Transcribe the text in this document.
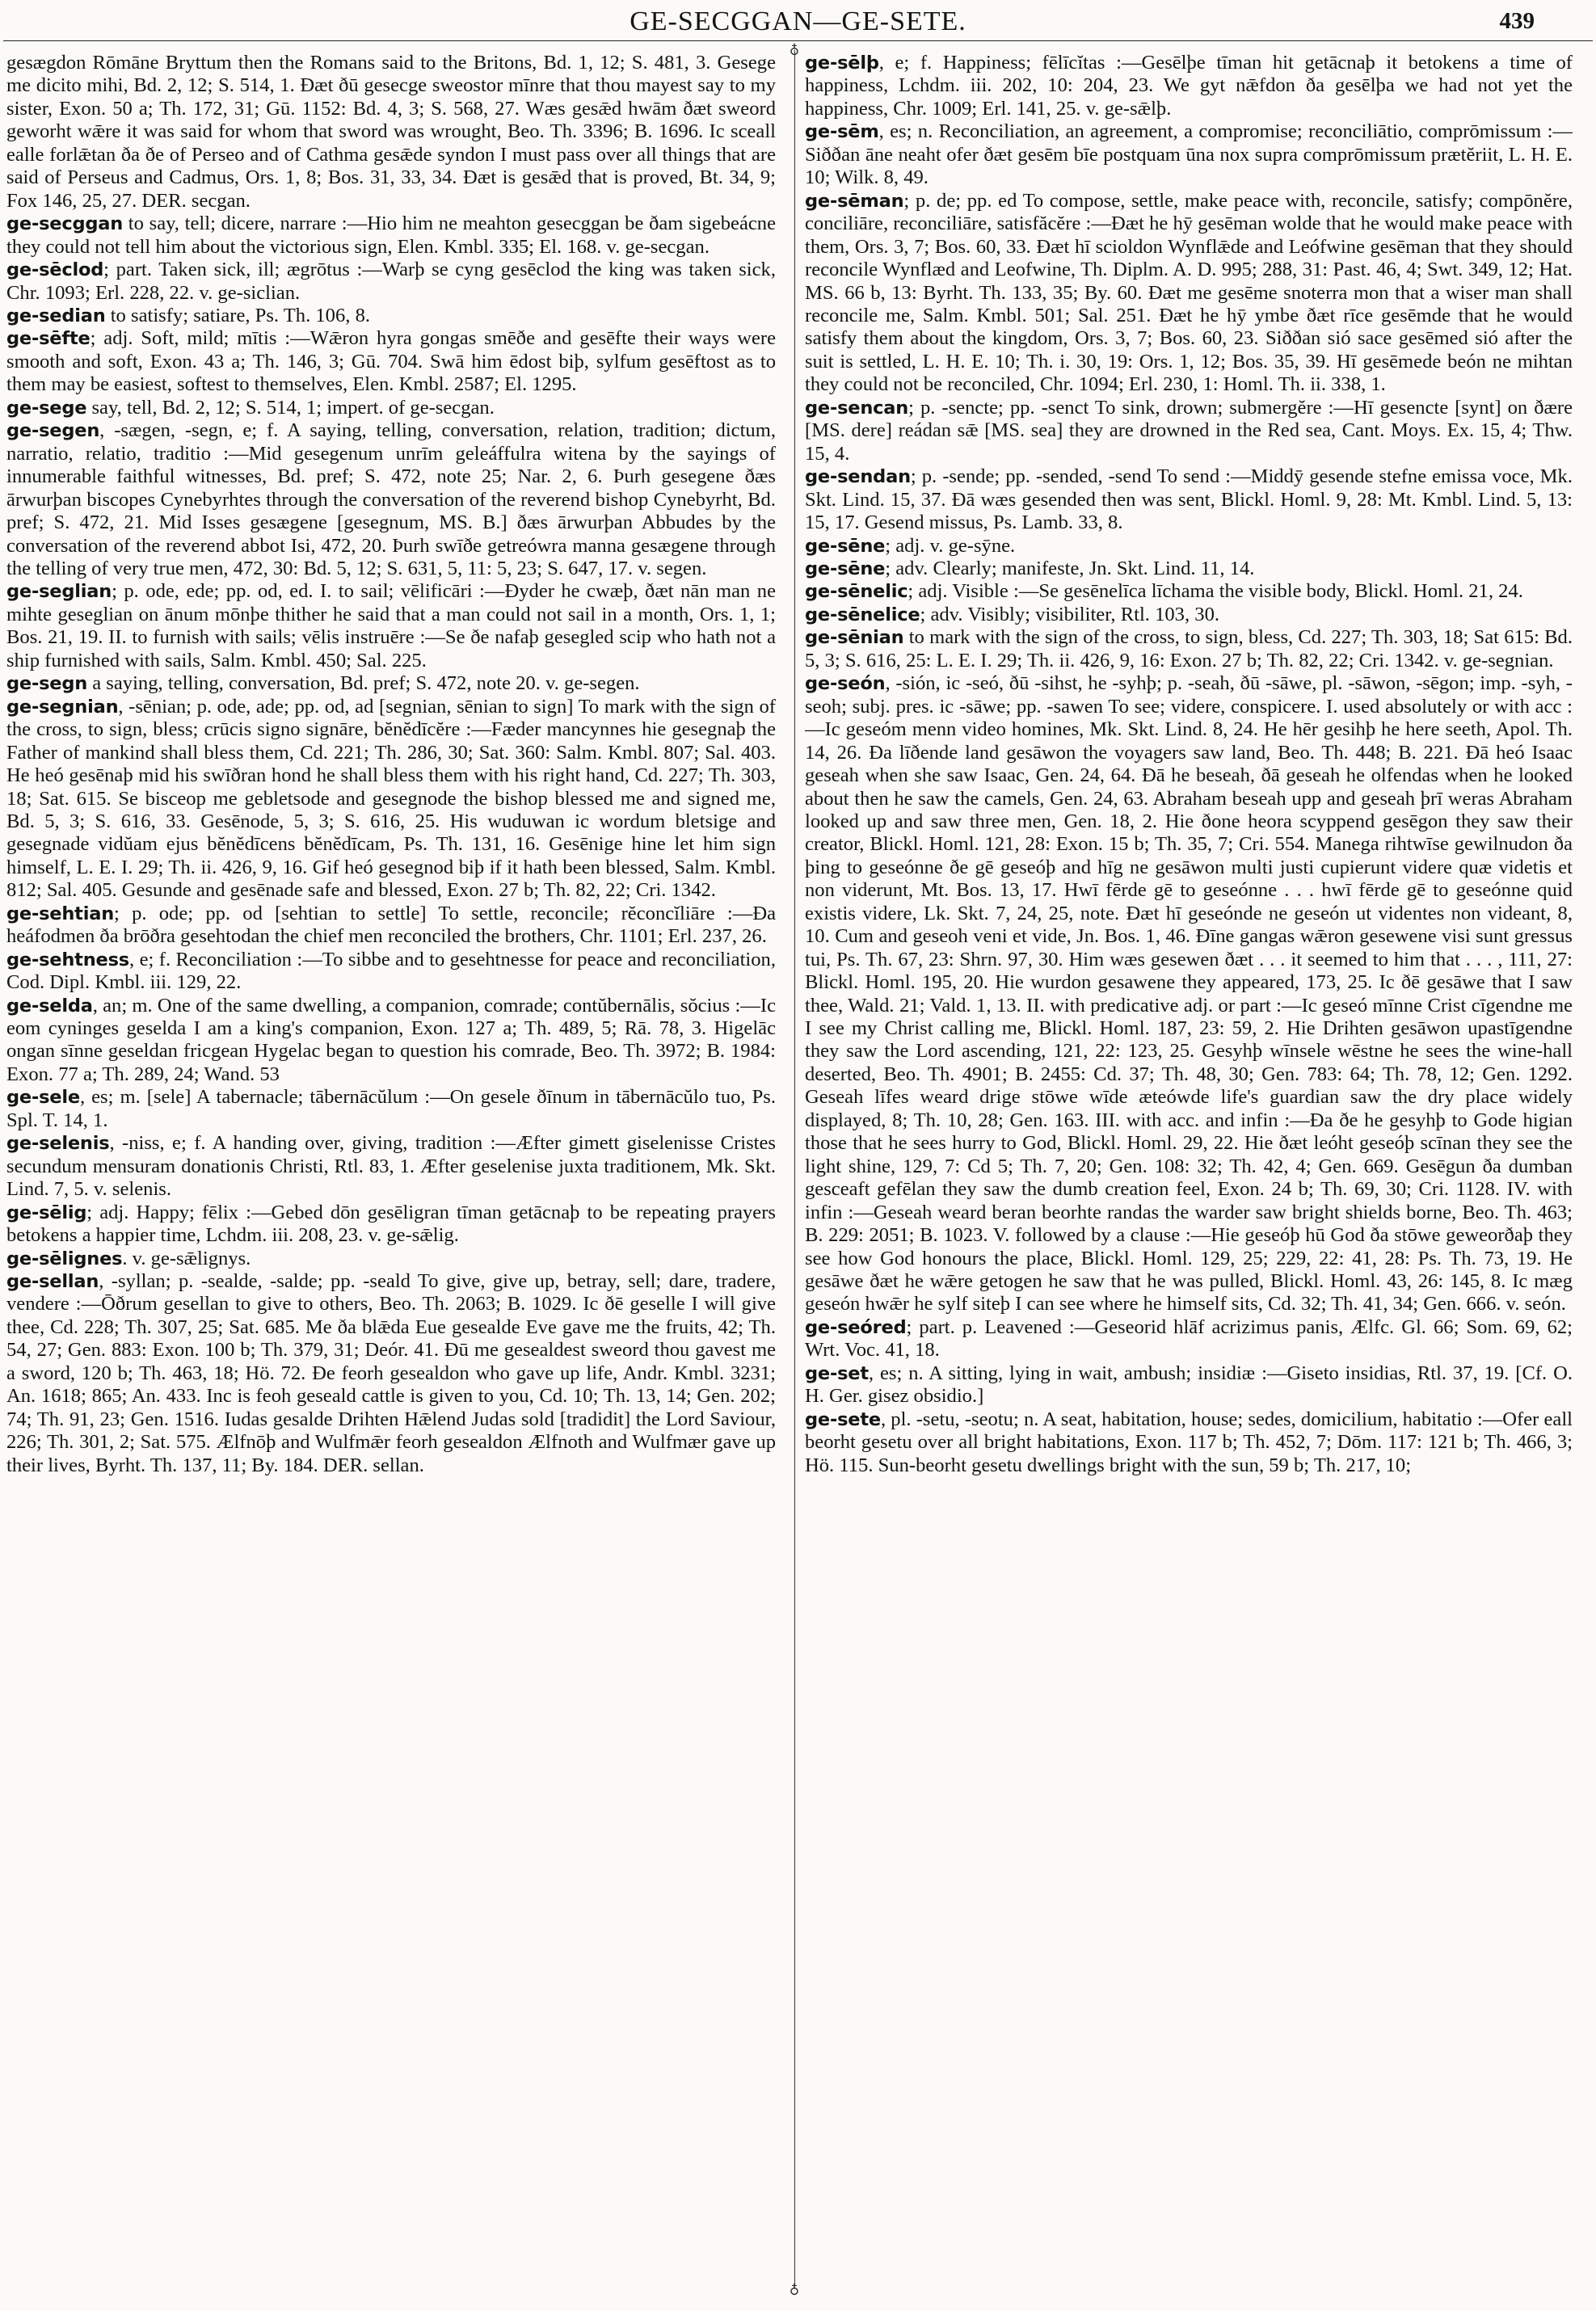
GE-SECGGAN—GE-SETE.	439
♁
♁

gesægdon Rōmāne Bryttum then the Romans said to the Britons, Bd. 1, 12; S. 481, 3. Gesege me dicito mihi, Bd. 2, 12; S. 514, 1. Ðæt ðū gesecge sweostor mīnre that thou mayest say to my sister, Exon. 50 a; Th. 172, 31; Gū. 1152: Bd. 4, 3; S. 568, 27. Wæs gesǣd hwām ðæt sweord geworht wǣre it was said for whom that sword was wrought, Beo. Th. 3396; B. 1696. Ic sceall ealle forlǣtan ða ðe of Perseo and of Cathma gesǣde syndon I must pass over all things that are said of Perseus and Cadmus, Ors. 1, 8; Bos. 31, 33, 34. Ðæt is gesǣd that is proved, Bt. 34, 9; Fox 146, 25, 27. DER. secgan.

ge-secggan to say, tell; dicere, narrare :—Hio him ne meahton gesecggan be ðam sigebeácne they could not tell him about the victorious sign, Elen. Kmbl. 335; El. 168. v. ge-secgan.

ge-sēclod; part. Taken sick, ill; ægrōtus :—Warþ se cyng gesēclod the king was taken sick, Chr. 1093; Erl. 228, 22. v. ge-siclian.

ge-sedian to satisfy; satiare, Ps. Th. 106, 8.

ge-sēfte; adj. Soft, mild; mītis :—Wǣron hyra gongas smēðe and gesēfte their ways were smooth and soft, Exon. 43 a; Th. 146, 3; Gū. 704. Swā him ēdost biþ, sylfum gesēftost as to them may be easiest, softest to themselves, Elen. Kmbl. 2587; El. 1295.

ge-sege say, tell, Bd. 2, 12; S. 514, 1; impert. of ge-secgan.

ge-segen, -sægen, -segn, e; f. A saying, telling, conversation, relation, tradition; dictum, narratio, relatio, traditio :—Mid gesegenum unrīm geleáffulra witena by the sayings of innumerable faithful witnesses, Bd. pref; S. 472, note 25; Nar. 2, 6. Þurh gesegene ðæs ārwurþan biscopes Cynebyrhtes through the conversation of the reverend bishop Cynebyrht, Bd. pref; S. 472, 21. Mid Isses gesægene [gesegnum, MS. B.] ðæs ārwurþan Abbudes by the conversation of the reverend abbot Isi, 472, 20. Þurh swīðe getreówra manna gesægene through the telling of very true men, 472, 30: Bd. 5, 12; S. 631, 5, 11: 5, 23; S. 647, 17. v. segen.

ge-seglian; p. ode, ede; pp. od, ed. I. to sail; vēlificāri :—Ðyder he cwæþ, ðæt nān man ne mihte geseglian on ānum mōnþe thither he said that a man could not sail in a month, Ors. 1, 1; Bos. 21, 19. II. to furnish with sails; vēlis instruēre :—Se ðe nafaþ gesegled scip who hath not a ship furnished with sails, Salm. Kmbl. 450; Sal. 225.

ge-segn a saying, telling, conversation, Bd. pref; S. 472, note 20. v. ge-segen.

ge-segnian, -sēnian; p. ode, ade; pp. od, ad [segnian, sēnian to sign] To mark with the sign of the cross, to sign, bless; crūcis signo signāre, bĕnĕdīcĕre :—Fæder mancynnes hie gesegnaþ the Father of mankind shall bless them, Cd. 221; Th. 286, 30; Sat. 360: Salm. Kmbl. 807; Sal. 403. He heó gesēnaþ mid his swīðran hond he shall bless them with his right hand, Cd. 227; Th. 303, 18; Sat. 615. Se bisceop me gebletsode and gesegnode the bishop blessed me and signed me, Bd. 5, 3; S. 616, 33. Gesēnode, 5, 3; S. 616, 25. His wuduwan ic wordum bletsige and gesegnade vidŭam ejus bĕnĕdīcens bĕnĕdīcam, Ps. Th. 131, 16. Gesēnige hine let him sign himself, L. E. I. 29; Th. ii. 426, 9, 16. Gif heó gesegnod biþ if it hath been blessed, Salm. Kmbl. 812; Sal. 405. Gesunde and gesēnade safe and blessed, Exon. 27 b; Th. 82, 22; Cri. 1342.

ge-sehtian; p. ode; pp. od [sehtian to settle] To settle, reconcile; rĕconcĭliāre :—Ða heáfodmen ða brōðra gesehtodan the chief men reconciled the brothers, Chr. 1101; Erl. 237, 26.

ge-sehtness, e; f. Reconciliation :—To sibbe and to gesehtnesse for peace and reconciliation, Cod. Dipl. Kmbl. iii. 129, 22.

ge-selda, an; m. One of the same dwelling, a companion, comrade; contŭbernālis, sŏcius :—Ic eom cyninges geselda I am a king's companion, Exon. 127 a; Th. 489, 5; Rā. 78, 3. Higelāc ongan sīnne geseldan fricgean Hygelac began to question his comrade, Beo. Th. 3972; B. 1984: Exon. 77 a; Th. 289, 24; Wand. 53

ge-sele, es; m. [sele] A tabernacle; tābernācŭlum :—On gesele ðīnum in tābernācŭlo tuo, Ps. Spl. T. 14, 1.

ge-selenis, -niss, e; f. A handing over, giving, tradition :—Æfter gimett giselenisse Cristes secundum mensuram donationis Christi, Rtl. 83, 1. Æfter geselenise juxta traditionem, Mk. Skt. Lind. 7, 5. v. selenis.

ge-sēlig; adj. Happy; fēlix :—Gebed dōn gesēligran tīman getācnaþ to be repeating prayers betokens a happier time, Lchdm. iii. 208, 23. v. ge-sǣlig.

ge-sēlignes. v. ge-sǣlignys.

ge-sellan, -syllan; p. -sealde, -salde; pp. -seald To give, give up, betray, sell; dare, tradere, vendere :—Ōðrum gesellan to give to others, Beo. Th. 2063; B. 1029. Ic ðē geselle I will give thee, Cd. 228; Th. 307, 25; Sat. 685. Me ða blǣda Eue gesealde Eve gave me the fruits, 42; Th. 54, 27; Gen. 883: Exon. 100 b; Th. 379, 31; Deór. 41. Ðū me gesealdest sweord thou gavest me a sword, 120 b; Th. 463, 18; Hö. 72. Ðe feorh gesealdon who gave up life, Andr. Kmbl. 3231; An. 1618; 865; An. 433. Inc is feoh geseald cattle is given to you, Cd. 10; Th. 13, 14; Gen. 202; 74; Th. 91, 23; Gen. 1516. Iudas gesalde Drihten Hǣlend Judas sold [tradidit] the Lord Saviour, 226; Th. 301, 2; Sat. 575. Ælfnōþ and Wulfmǣr feorh gesealdon Ælfnoth and Wulfmær gave up their lives, Byrht. Th. 137, 11; By. 184. DER. sellan.

ge-sēlþ, e; f. Happiness; fēlīcĭtas :—Gesēlþe tīman hit getācnaþ it betokens a time of happiness, Lchdm. iii. 202, 10: 204, 23. We gyt nǣfdon ða gesēlþa we had not yet the happiness, Chr. 1009; Erl. 141, 25. v. ge-sǣlþ.

ge-sēm, es; n. Reconciliation, an agreement, a compromise; reconciliātio, comprōmissum :—Siððan āne neaht ofer ðæt gesēm bīe postquam ūna nox supra comprōmissum prætĕriit, L. H. E. 10; Wilk. 8, 49.

ge-sēman; p. de; pp. ed To compose, settle, make peace with, reconcile, satisfy; compōnĕre, conciliāre, reconciliāre, satisfăcĕre :—Ðæt he hȳ gesēman wolde that he would make peace with them, Ors. 3, 7; Bos. 60, 33. Ðæt hī scioldon Wynflǣde and Leófwine gesēman that they should reconcile Wynflæd and Leofwine, Th. Diplm. A. D. 995; 288, 31: Past. 46, 4; Swt. 349, 12; Hat. MS. 66 b, 13: Byrht. Th. 133, 35; By. 60. Ðæt me gesēme snoterra mon that a wiser man shall reconcile me, Salm. Kmbl. 501; Sal. 251. Ðæt he hȳ ymbe ðæt rīce gesēmde that he would satisfy them about the kingdom, Ors. 3, 7; Bos. 60, 23. Siððan sió sace gesēmed sió after the suit is settled, L. H. E. 10; Th. i. 30, 19: Ors. 1, 12; Bos. 35, 39. Hī gesēmede beón ne mihtan they could not be reconciled, Chr. 1094; Erl. 230, 1: Homl. Th. ii. 338, 1.

ge-sencan; p. -sencte; pp. -senct To sink, drown; submergĕre :—Hī gesencte [synt] on ðære [MS. dere] reádan sǣ [MS. sea] they are drowned in the Red sea, Cant. Moys. Ex. 15, 4; Thw. 15, 4.

ge-sendan; p. -sende; pp. -sended, -send To send :—Middȳ gesende stefne emissa voce, Mk. Skt. Lind. 15, 37. Ðā wæs gesended then was sent, Blickl. Homl. 9, 28: Mt. Kmbl. Lind. 5, 13: 15, 17. Gesend missus, Ps. Lamb. 33, 8.

ge-sēne; adj. v. ge-sȳne.

ge-sēne; adv. Clearly; manifeste, Jn. Skt. Lind. 11, 14.

ge-sēnelic; adj. Visible :—Se gesēnelīca līchama the visible body, Blickl. Homl. 21, 24.

ge-sēnelice; adv. Visibly; visibiliter, Rtl. 103, 30.

ge-sēnian to mark with the sign of the cross, to sign, bless, Cd. 227; Th. 303, 18; Sat 615: Bd. 5, 3; S. 616, 25: L. E. I. 29; Th. ii. 426, 9, 16: Exon. 27 b; Th. 82, 22; Cri. 1342. v. ge-segnian.

ge-seón, -sión, ic -seó, ðū -sihst, he -syhþ; p. -seah, ðū -sāwe, pl. -sāwon, -sēgon; imp. -syh, -seoh; subj. pres. ic -sāwe; pp. -sawen To see; videre, conspicere. I. used absolutely or with acc :—Ic geseóm menn video homines, Mk. Skt. Lind. 8, 24. He hēr gesihþ he here seeth, Apol. Th. 14, 26. Ða līðende land gesāwon the voyagers saw land, Beo. Th. 448; B. 221. Ðā heó Isaac geseah when she saw Isaac, Gen. 24, 64. Ðā he beseah, ðā geseah he olfendas when he looked about then he saw the camels, Gen. 24, 63. Abraham beseah upp and geseah þrī weras Abraham looked up and saw three men, Gen. 18, 2. Hie ðone heora scyppend gesēgon they saw their creator, Blickl. Homl. 121, 28: Exon. 15 b; Th. 35, 7; Cri. 554. Manega rihtwīse gewilnudon ða þing to geseónne ðe gē geseóþ and hīg ne gesāwon multi justi cupierunt videre quæ videtis et non viderunt, Mt. Bos. 13, 17. Hwī fērde gē to geseónne . . . hwī fērde gē to geseónne quid existis videre, Lk. Skt. 7, 24, 25, note. Ðæt hī geseónde ne geseón ut videntes non videant, 8, 10. Cum and geseoh veni et vide, Jn. Bos. 1, 46. Ðīne gangas wǣron gesewene visi sunt gressus tui, Ps. Th. 67, 23: Shrn. 97, 30. Him wæs gesewen ðæt . . . it seemed to him that . . . , 111, 27: Blickl. Homl. 195, 20. Hie wurdon gesawene they appeared, 173, 25. Ic ðē gesāwe that I saw thee, Wald. 21; Vald. 1, 13. II. with predicative adj. or part :—Ic geseó mīnne Crist cīgendne me I see my Christ calling me, Blickl. Homl. 187, 23: 59, 2. Hie Drihten gesāwon upastīgendne they saw the Lord ascending, 121, 22: 123, 25. Gesyhþ wīnsele wēstne he sees the wine-hall deserted, Beo. Th. 4901; B. 2455: Cd. 37; Th. 48, 30; Gen. 783: 64; Th. 78, 12; Gen. 1292. Geseah līfes weard drige stōwe wīde æteówde life's guardian saw the dry place widely displayed, 8; Th. 10, 28; Gen. 163. III. with acc. and infin :—Ða ðe he gesyhþ to Gode higian those that he sees hurry to God, Blickl. Homl. 29, 22. Hie ðæt leóht geseóþ scīnan they see the light shine, 129, 7: Cd 5; Th. 7, 20; Gen. 108: 32; Th. 42, 4; Gen. 669. Gesēgun ða dumban gesceaft gefēlan they saw the dumb creation feel, Exon. 24 b; Th. 69, 30; Cri. 1128. IV. with infin :—Geseah weard beran beorhte randas the warder saw bright shields borne, Beo. Th. 463; B. 229: 2051; B. 1023. V. followed by a clause :—Hie geseóþ hū God ða stōwe geweorðaþ they see how God honours the place, Blickl. Homl. 129, 25; 229, 22: 41, 28: Ps. Th. 73, 19. He gesāwe ðæt he wǣre getogen he saw that he was pulled, Blickl. Homl. 43, 26: 145, 8. Ic mæg geseón hwǣr he sylf siteþ I can see where he himself sits, Cd. 32; Th. 41, 34; Gen. 666. v. seón.

ge-seóred; part. p. Leavened :—Geseorid hlāf acrizimus panis, Ælfc. Gl. 66; Som. 69, 62; Wrt. Voc. 41, 18.

ge-set, es; n. A sitting, lying in wait, ambush; insidiæ :—Giseto insidias, Rtl. 37, 19. [Cf. O. H. Ger. gisez obsidio.]

ge-sete, pl. -setu, -seotu; n. A seat, habitation, house; sedes, domicilium, habitatio :—Ofer eall beorht gesetu over all bright habitations, Exon. 117 b; Th. 452, 7; Dōm. 117: 121 b; Th. 466, 3; Hö. 115. Sun-beorht gesetu dwellings bright with the sun, 59 b; Th. 217, 10;
